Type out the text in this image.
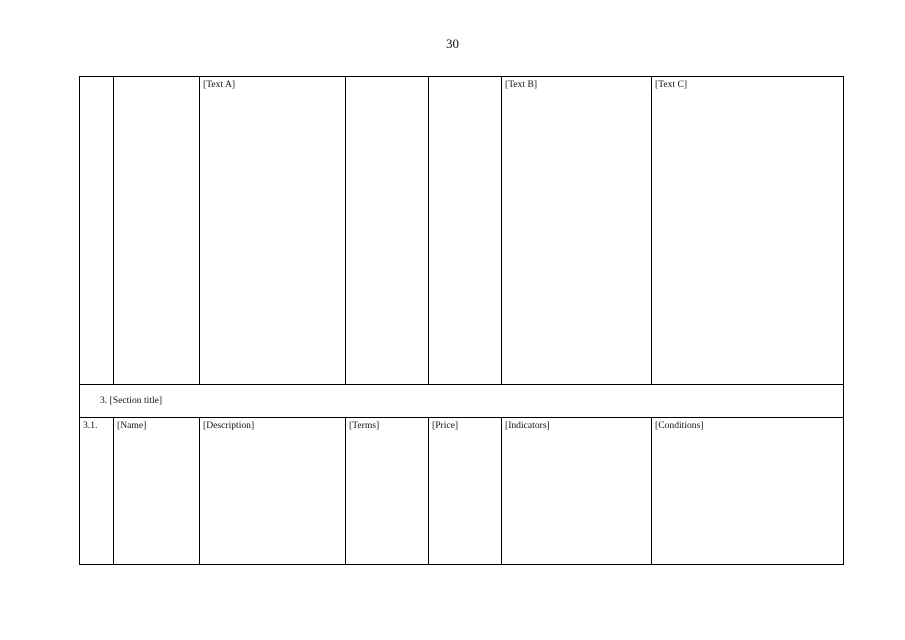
30

		[Text A]			[Text B]	[Text C]

3. [Section title]						

3.1.	[Name]	[Description]	[Terms]	[Price]	[Indicators]	[Conditions]
